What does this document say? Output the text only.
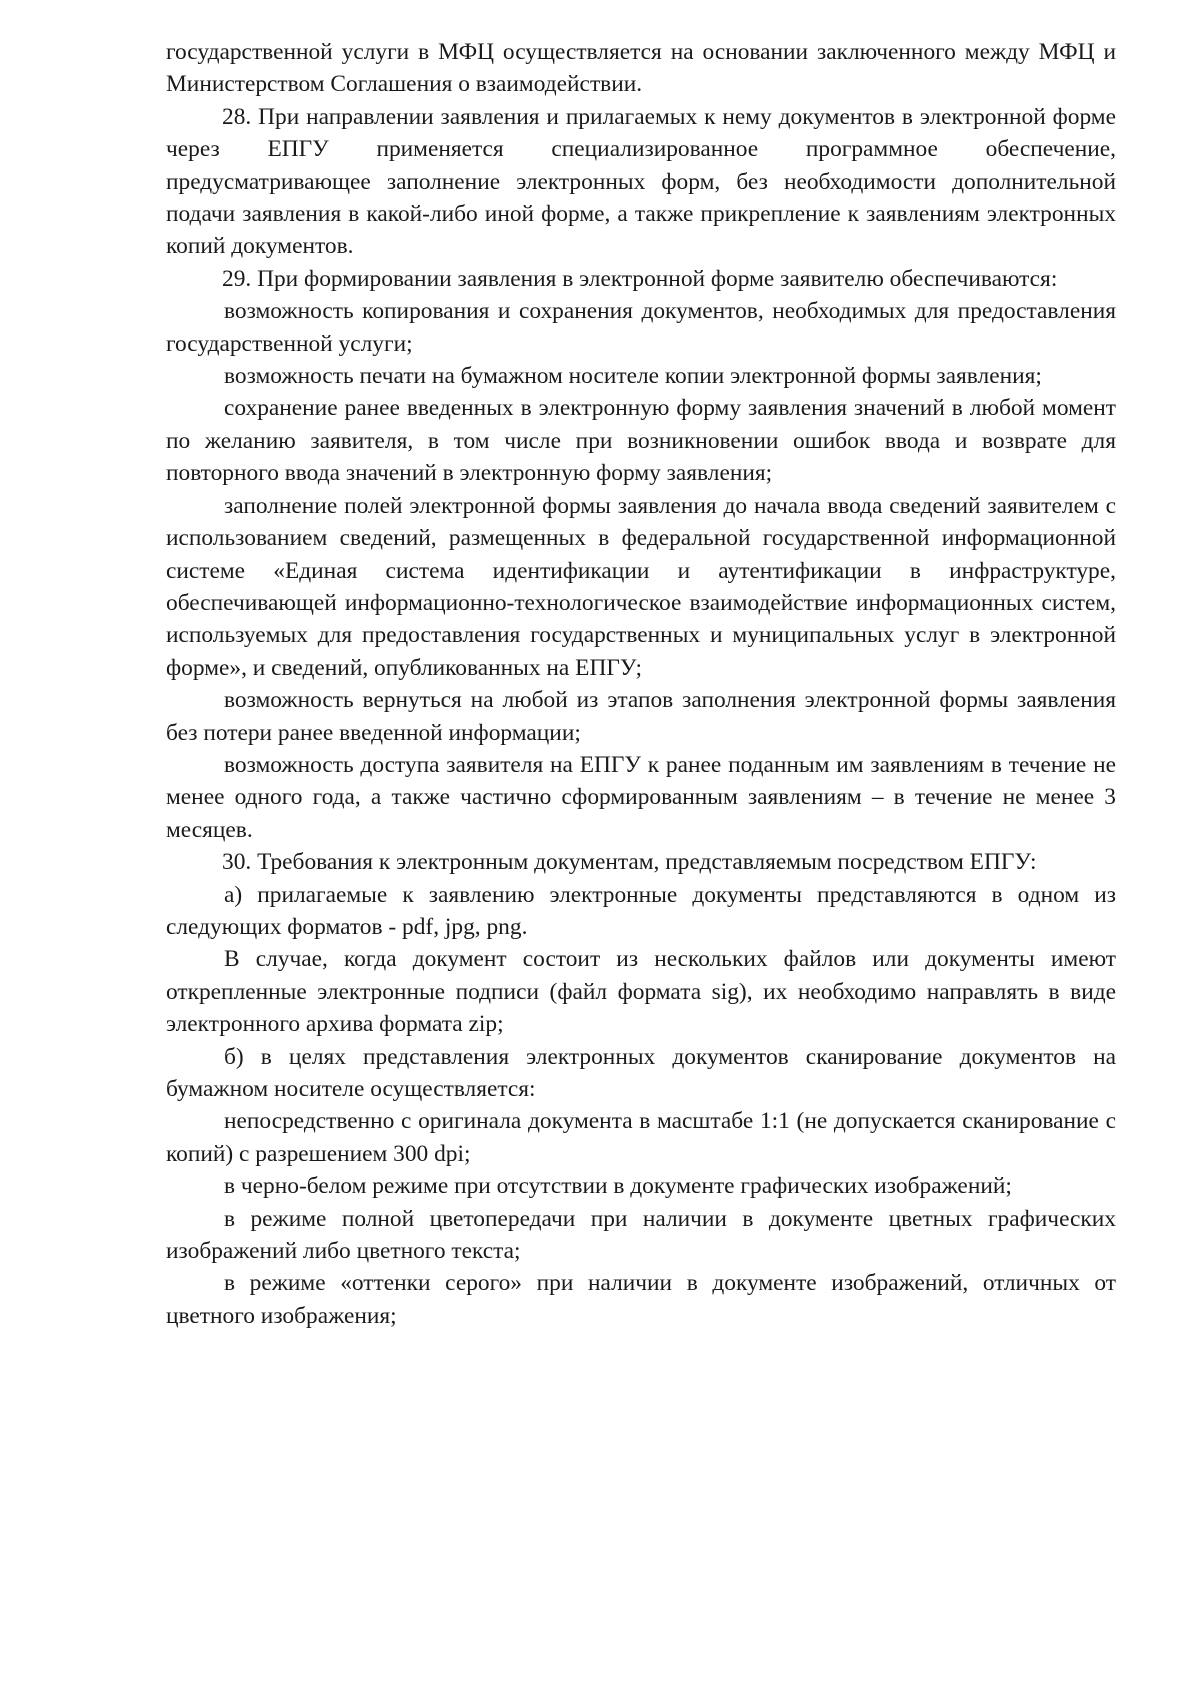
государственной услуги в МФЦ осуществляется на основании заключенного между МФЦ и Министерством Соглашения о взаимодействии.

28. При направлении заявления и прилагаемых к нему документов в электронной форме через ЕПГУ применяется специализированное программное обеспечение, предусматривающее заполнение электронных форм, без необходимости дополнительной подачи заявления в какой-либо иной форме, а также прикрепление к заявлениям электронных копий документов.

29. При формировании заявления в электронной форме заявителю обеспечиваются:

возможность копирования и сохранения документов, необходимых для предоставления государственной услуги;

возможность печати на бумажном носителе копии электронной формы заявления;

сохранение ранее введенных в электронную форму заявления значений в любой момент по желанию заявителя, в том числе при возникновении ошибок ввода и возврате для повторного ввода значений в электронную форму заявления;

заполнение полей электронной формы заявления до начала ввода сведений заявителем с использованием сведений, размещенных в федеральной государственной информационной системе «Единая система идентификации и аутентификации в инфраструктуре, обеспечивающей информационно-технологическое взаимодействие информационных систем, используемых для предоставления государственных и муниципальных услуг в электронной форме», и сведений, опубликованных на ЕПГУ;

возможность вернуться на любой из этапов заполнения электронной формы заявления без потери ранее введенной информации;

возможность доступа заявителя на ЕПГУ к ранее поданным им заявлениям в течение не менее одного года, а также частично сформированным заявлениям – в течение не менее 3 месяцев.

30. Требования к электронным документам, представляемым посредством ЕПГУ:

а) прилагаемые к заявлению электронные документы представляются в одном из следующих форматов - pdf, jpg, png.

В случае, когда документ состоит из нескольких файлов или документы имеют открепленные электронные подписи (файл формата sig), их необходимо направлять в виде электронного архива формата zip;

б) в целях представления электронных документов сканирование документов на бумажном носителе осуществляется:

непосредственно с оригинала документа в масштабе 1:1 (не допускается сканирование с копий) с разрешением 300 dpi;

в черно-белом режиме при отсутствии в документе графических изображений;

в режиме полной цветопередачи при наличии в документе цветных графических изображений либо цветного текста;

в режиме «оттенки серого» при наличии в документе изображений, отличных от цветного изображения;
